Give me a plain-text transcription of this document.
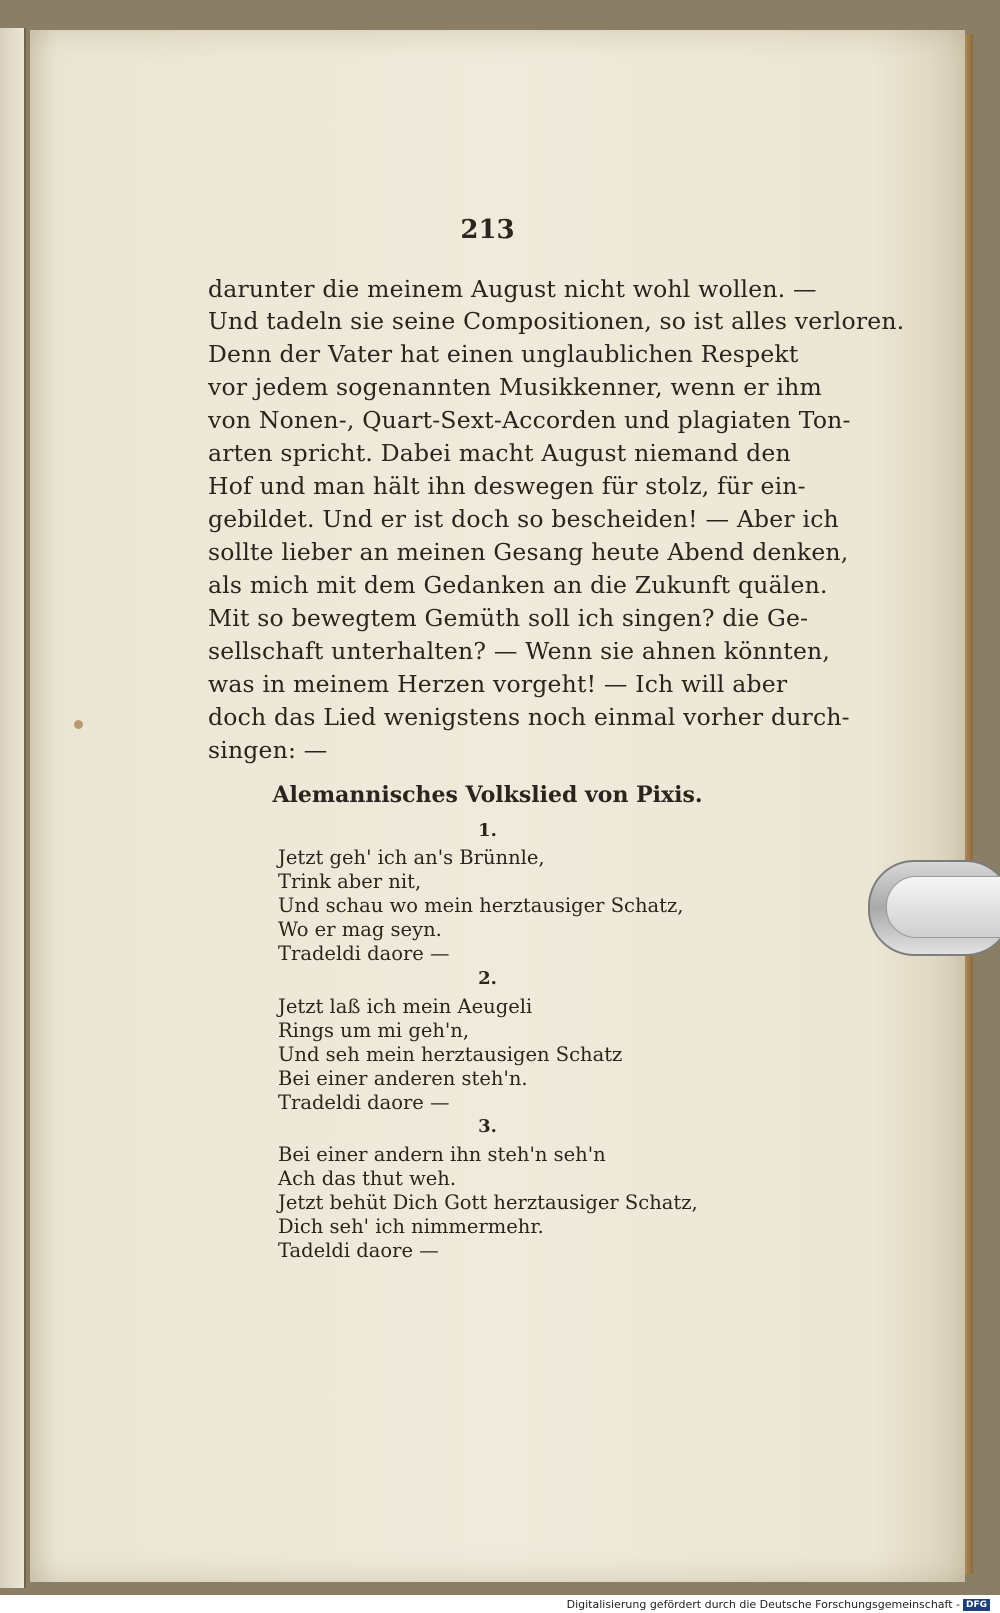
213
darunter die meinem August nicht wohl wollen. —
Und tadeln sie seine Compositionen, so ist alles verloren.
Denn der Vater hat einen unglaublichen Respekt
vor jedem sogenannten Musikkenner, wenn er ihm
von Nonen-, Quart-Sext-Accorden und plagiaten Ton-
arten spricht. Dabei macht August niemand den
Hof und man hält ihn deswegen für stolz, für ein-
gebildet. Und er ist doch so bescheiden! — Aber ich
sollte lieber an meinen Gesang heute Abend denken,
als mich mit dem Gedanken an die Zukunft quälen.
Mit so bewegtem Gemüth soll ich singen? die Ge-
sellschaft unterhalten? — Wenn sie ahnen könnten,
was in meinem Herzen vorgeht! — Ich will aber
doch das Lied wenigstens noch einmal vorher durch-
singen: —
Alemannisches Volkslied von Pixis.
1.
Jetzt geh' ich an's Brünnle,
Trink aber nit,
Und schau wo mein herztausiger Schatz,
Wo er mag seyn.
Tradeldi daore —
2.
Jetzt laß ich mein Aeugeli
Rings um mi geh'n,
Und seh mein herztausigen Schatz
Bei einer anderen steh'n.
Tradeldi daore —
3.
Bei einer andern ihn steh'n seh'n
Ach das thut weh.
Jetzt behüt Dich Gott herztausiger Schatz,
Dich seh' ich nimmermehr.
Tadeldi daore —
Digitalisierung gefördert durch die Deutsche Forschungsgemeinschaft - DFG
